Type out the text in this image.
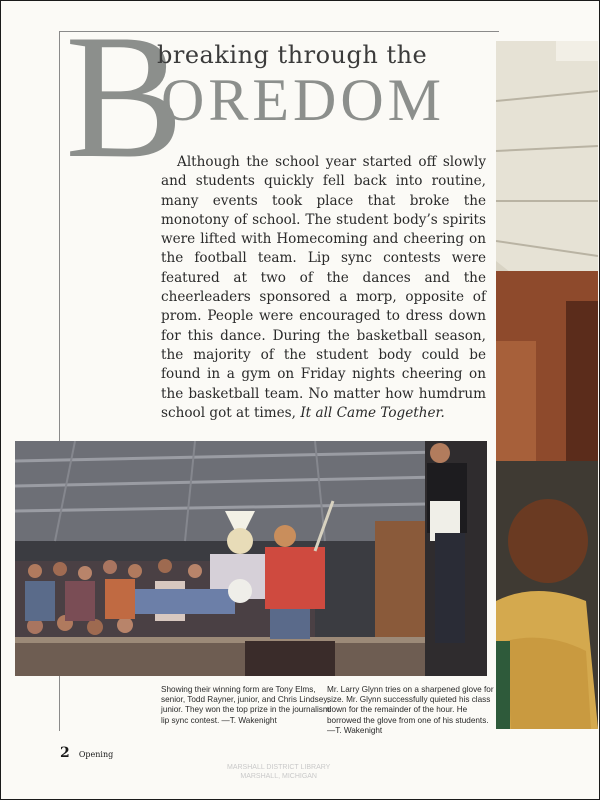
B
breaking through the
OREDOM

Although the school year started off slowly and students quickly fell back into routine, many events took place that broke the monotony of school. The student body’s spirits were lifted with Homecoming and cheering on the football team. Lip sync contests were featured at two of the dances and the cheerleaders sponsored a morp, opposite of prom. People were encouraged to dress down for this dance. During the basketball season, the majority of the student body could be found in a gym on Friday nights cheering on the basketball team. No matter how humdrum school got at times, It all Came Together.

Showing their winning form are Tony Elms, senior, Todd Rayner, junior, and Chris Lindsey, junior. They won the top prize in the journalism lip sync contest. —T. Wakenight

Mr. Larry Glynn tries on a sharpened glove for size. Mr. Glynn successfully quieted his class down for the remainder of the hour. He borrowed the glove from one of his students. —T. Wakenight

2 Opening
MARSHALL DISTRICT LIBRARY
MARSHALL, MICHIGAN
